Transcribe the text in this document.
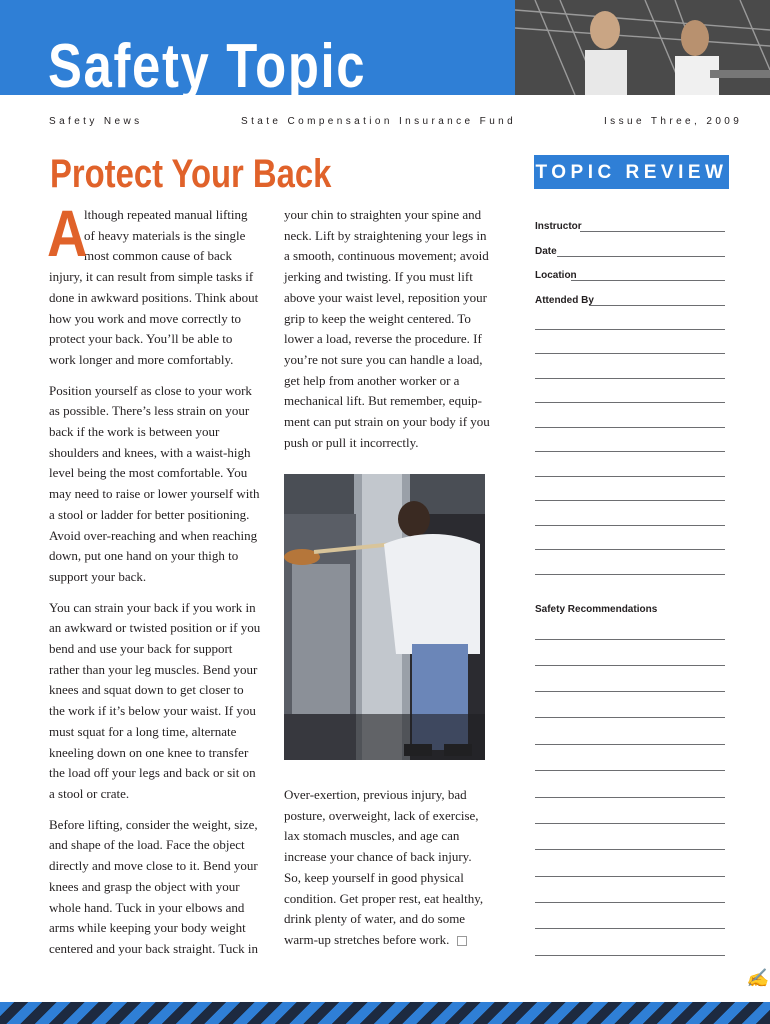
Safety Topic
Safety News	State Compensation Insurance Fund	Issue Three, 2009
Protect Your Back

A
lthough repeated manual lifting of heavy materials is the single most common cause of back injury, it can result from simple tasks if done in awkward positions. Think about how you work and move correctly to protect your back. You’ll be able to work longer and more comfortably.

Position yourself as close to your work as possible. There’s less strain on your back if the work is between your shoulders and knees, with a waist-high level being the most comfortable. You may need to raise or lower yourself with a stool or ladder for better positioning. Avoid over-reaching and when reaching down, put one hand on your thigh to support your back.

You can strain your back if you work in an awkward or twisted position or if you bend and use your back for support rather than your leg muscles. Bend your knees and squat down to get closer to the work if it’s below your waist. If you must squat for a long time, alternate kneeling down on one knee to transfer the load off your legs and back or sit on a stool or crate.

Before lifting, consider the weight, size, and shape of the load. Face the object directly and move close to it. Bend your knees and grasp the object with your whole hand. Tuck in your elbows and arms while keeping your body weight centered and your back straight. Tuck in

your chin to straighten your spine and neck. Lift by straightening your legs in a smooth, continuous movement; avoid jerking and twisting. If you must lift above your waist level, reposition your grip to keep the weight centered. To lower a load, reverse the procedure. If you’re not sure you can handle a load, get help from another worker or a mechanical lift. But remember, equip-ment can put strain on your body if you push or pull it incorrectly.

Over-exertion, previous injury, bad posture, overweight, lack of exercise, lax stomach muscles, and age can increase your chance of back injury. So, keep yourself in good physical condition. Get proper rest, eat healthy, drink plenty of water, and do some warm-up stretches before work.

TOPIC REVIEW
Instructor
Date
Location
Attended By
Safety Recommendations
✍
